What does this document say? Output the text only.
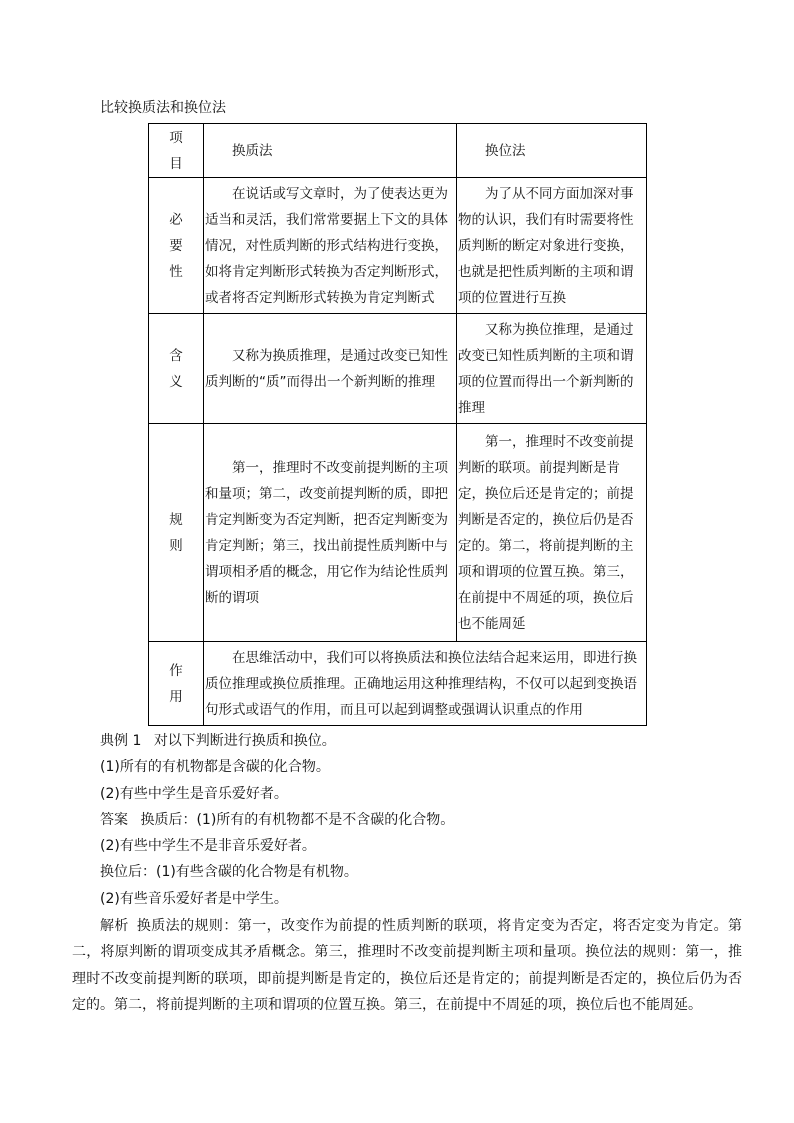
比较换质法和换位法
项目	换质法	换位法

必要性	在说话或写文章时，为了使表达更为适当和灵活，我们常常要据上下文的具体情况，对性质判断的形式结构进行变换，如将肯定判断形式转换为否定判断形式，或者将否定判断形式转换为肯定判断式	为了从不同方面加深对事物的认识，我们有时需要将性质判断的断定对象进行变换，也就是把性质判断的主项和谓项的位置进行互换

含义	又称为换质推理，是通过改变已知性质判断的“质”而得出一个新判断的推理	又称为换位推理，是通过改变已知性质判断的主项和谓项的位置而得出一个新判断的推理

规则	第一，推理时不改变前提判断的主项和量项；第二，改变前提判断的质，即把肯定判断变为否定判断，把否定判断变为肯定判断；第三，找出前提性质判断中与谓项相矛盾的概念，用它作为结论性质判断的谓项	第一，推理时不改变前提判断的联项。前提判断是肯定，换位后还是肯定的；前提判断是否定的，换位后仍是否定的。第二，将前提判断的主项和谓项的位置互换。第三，在前提中不周延的项，换位后也不能周延

作用	在思维活动中，我们可以将换质法和换位法结合起来运用，即进行换质位推理或换位质推理。正确地运用这种推理结构，不仅可以起到变换语句形式或语气的作用，而且可以起到调整或强调认识重点的作用	

典例 1 对以下判断进行换质和换位。

(1)所有的有机物都是含碳的化合物。

(2)有些中学生是音乐爱好者。

答案 换质后：(1)所有的有机物都不是不含碳的化合物。

(2)有些中学生不是非音乐爱好者。

换位后：(1)有些含碳的化合物是有机物。

(2)有些音乐爱好者是中学生。

解析 换质法的规则：第一，改变作为前提的性质判断的联项，将肯定变为否定，将否定变为肯定。第二，将原判断的谓项变成其矛盾概念。第三，推理时不改变前提判断主项和量项。换位法的规则：第一，推理时不改变前提判断的联项，即前提判断是肯定的，换位后还是肯定的；前提判断是否定的，换位后仍为否定的。第二，将前提判断的主项和谓项的位置互换。第三，在前提中不周延的项，换位后也不能周延。
